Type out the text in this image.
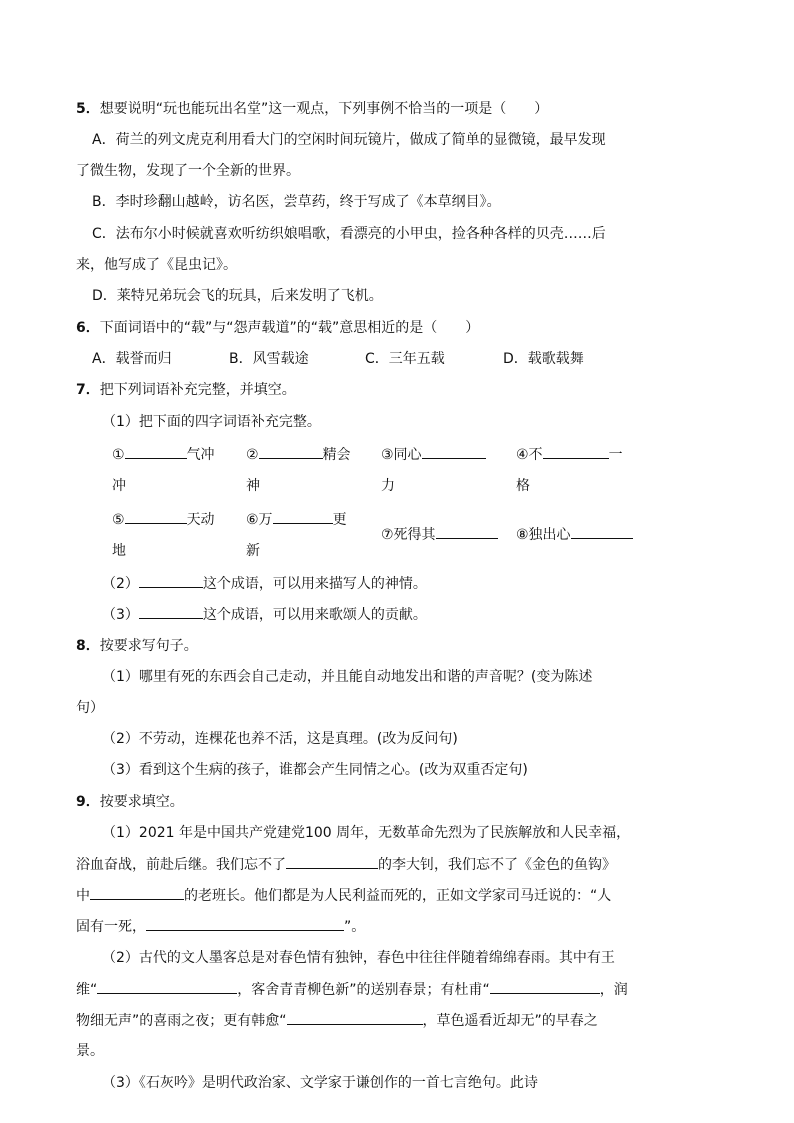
5．想要说明“玩也能玩出名堂”这一观点，下列事例不恰当的一项是（　　）
A．荷兰的列文虎克利用看大门的空闲时间玩镜片，做成了简单的显微镜，最早发现
了微生物，发现了一个全新的世界。
B．李时珍翻山越岭，访名医，尝草药，终于写成了《本草纲目》。
C．法布尔小时候就喜欢听纺织娘唱歌，看漂亮的小甲虫，捡各种各样的贝壳……后
来，他写成了《昆虫记》。
D．莱特兄弟玩会飞的玩具，后来发明了飞机。
6．下面词语中的“载”与“怨声载道”的“载”意思相近的是（　　）
A．载誉而归	B．风雪载途	C．三年五载	D．载歌载舞
7．把下列词语补充完整，并填空。
（1）把下面的四字词语补充完整。
①	气冲
冲
②	精会
神
③同心
力
④不	一
格
⑤	天动
地
⑥万	更
新
⑦死得其	⑧独出心
（2）	这个成语，可以用来描写人的神情。
（3）	这个成语，可以用来歌颂人的贡献。
8．按要求写句子。
（1）哪里有死的东西会自己走动，并且能自动地发出和谐的声音呢？(变为陈述
句）
（2）不劳动，连棵花也养不活，这是真理。(改为反问句)
（3）看到这个生病的孩子，谁都会产生同情之心。(改为双重否定句)
9．按要求填空。
（1）2021 年是中国共产党建党100 周年，无数革命先烈为了民族解放和人民幸福，
浴血奋战，前赴后继。我们忘不了	的李大钊，我们忘不了《金色的鱼钩》
中	的老班长。他们都是为人民利益而死的，正如文学家司马迁说的：“人
固有一死，	”。
（2）古代的文人墨客总是对春色情有独钟，春色中往往伴随着绵绵春雨。其中有王
维“	，客舍青青柳色新”的送别春景；有杜甫“	，润
物细无声”的喜雨之夜；更有韩愈“	，草色遥看近却无”的早春之
景。
（3）《石灰吟》是明代政治家、文学家于谦创作的一首七言绝句。此诗
